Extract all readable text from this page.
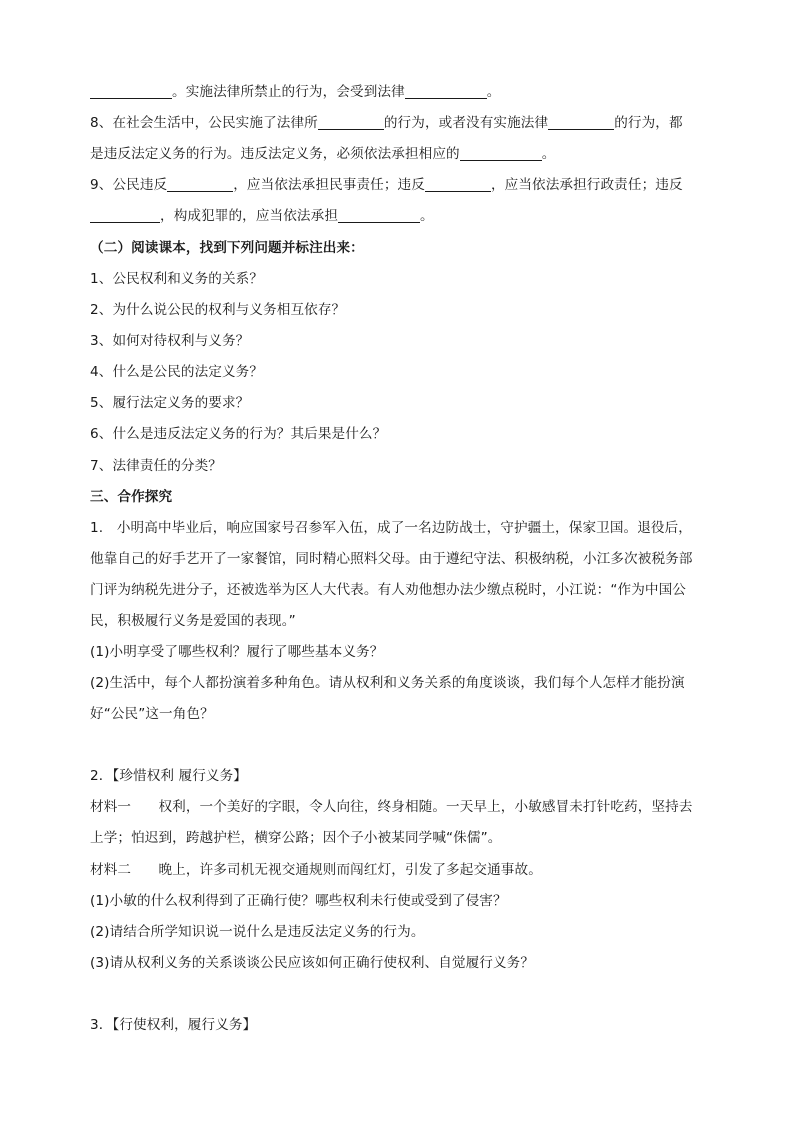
。实施法律所禁止的行为，会受到法律	。
8、在社会生活中，公民实施了法律所	的行为，或者没有实施法律	的行为，都
是违反法定义务的行为。违反法定义务，必须依法承担相应的	。
9、公民违反	，应当依法承担民事责任；违反	，应当依法承担行政责任；违反
，构成犯罪的，应当依法承担	。
（二）阅读课本，找到下列问题并标注出来：
1、公民权利和义务的关系？
2、为什么说公民的权利与义务相互依存？
3、如何对待权利与义务？
4、什么是公民的法定义务？
5、履行法定义务的要求？
6、什么是违反法定义务的行为？其后果是什么？
7、法律责任的分类？
三、合作探究
1.　小明高中毕业后，响应国家号召参军入伍，成了一名边防战士，守护疆土，保家卫国。退役后，
他靠自己的好手艺开了一家餐馆，同时精心照料父母。由于遵纪守法、积极纳税，小江多次被税务部
门评为纳税先进分子，还被选举为区人大代表。有人劝他想办法少缴点税时，小江说：“作为中国公
民，积极履行义务是爱国的表现。”
(1)小明享受了哪些权利？履行了哪些基本义务？
(2)生活中，每个人都扮演着多种角色。请从权利和义务关系的角度谈谈，我们每个人怎样才能扮演
好“公民”这一角色？
2．【珍惜权利 履行义务】
材料一　　权利，一个美好的字眼，令人向往，终身相随。一天早上，小敏感冒未打针吃药，坚持去
上学；怕迟到，跨越护栏，横穿公路；因个子小被某同学喊“侏儒”。
材料二　　晚上，许多司机无视交通规则而闯红灯，引发了多起交通事故。
(1)小敏的什么权利得到了正确行使？哪些权利未行使或受到了侵害？
(2)请结合所学知识说一说什么是违反法定义务的行为。
(3)请从权利义务的关系谈谈公民应该如何正确行使权利、自觉履行义务？
3．【行使权利，履行义务】
